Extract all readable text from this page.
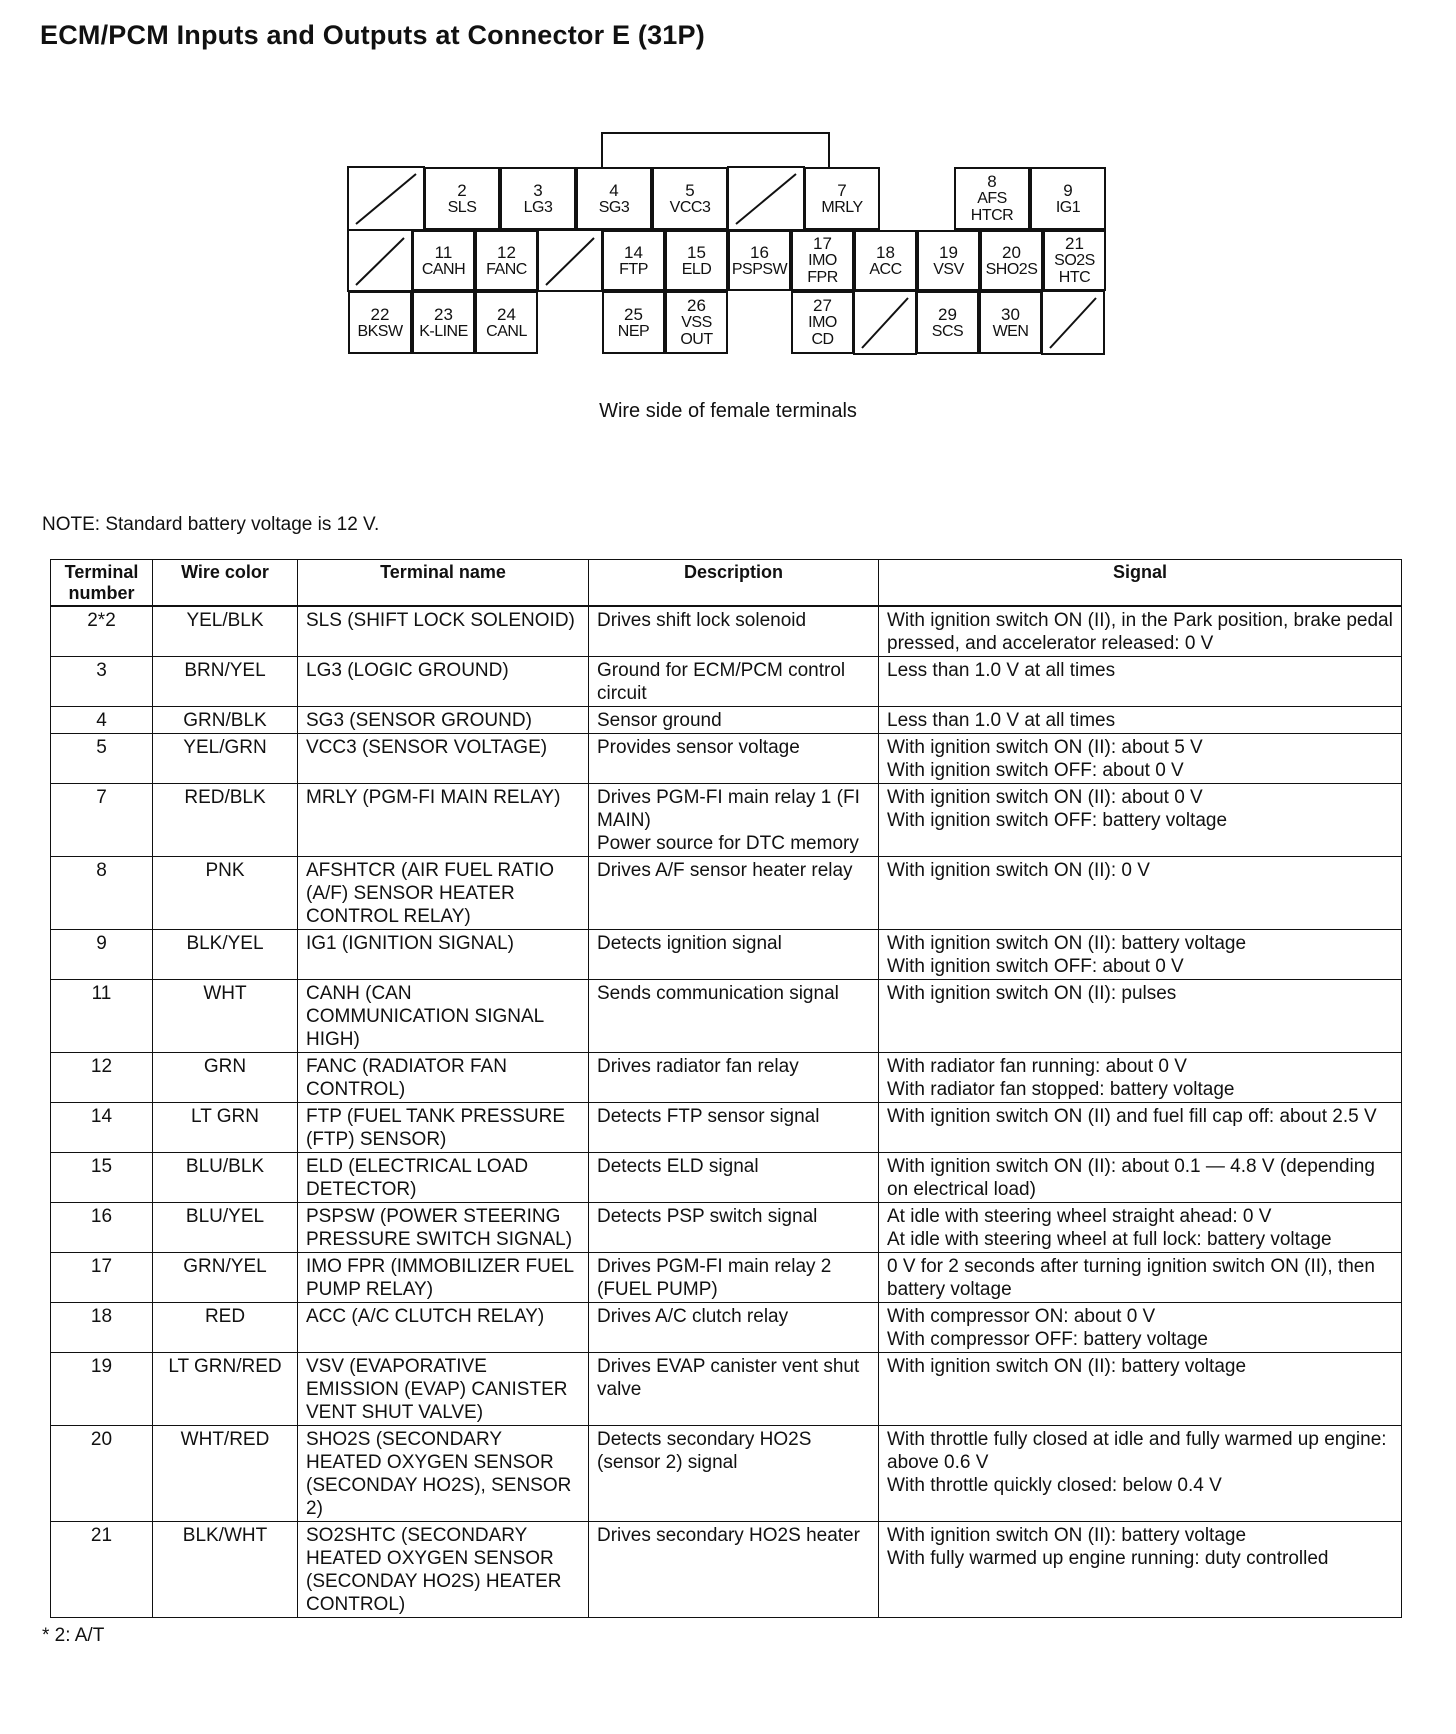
ECM/PCM Inputs and Outputs at Connector E (31P)
2
SLS
3
LG3
4
SG3
5
VCC3
7
MRLY
8
AFS
HTCR
9
IG1
11
CANH
12
FANC
14
FTP
15
ELD
16
PSPSW
17
IMO
FPR
18
ACC
19
VSV
20
SHO2S
21
SO2S
HTC
22
BKSW
23
K-LINE
24
CANL
25
NEP
26
VSS
OUT
27
IMO
CD
29
SCS
30
WEN
Wire side of female terminals
NOTE: Standard battery voltage is 12 V.
Terminal number	Wire color	Terminal name	Description	Signal
2*2	YEL/BLK	SLS (SHIFT LOCK SOLENOID)	Drives shift lock solenoid	With ignition switch ON (II), in the Park position, brake pedal pressed, and accelerator released: 0 V
3	BRN/YEL	LG3 (LOGIC GROUND)	Ground for ECM/PCM control circuit	Less than 1.0 V at all times
4	GRN/BLK	SG3 (SENSOR GROUND)	Sensor ground	Less than 1.0 V at all times
5	YEL/GRN	VCC3 (SENSOR VOLTAGE)	Provides sensor voltage	With ignition switch ON (II): about 5 V
With ignition switch OFF: about 0 V
7	RED/BLK	MRLY (PGM-FI MAIN RELAY)	Drives PGM-FI main relay 1 (FI MAIN)
Power source for DTC memory	With ignition switch ON (II): about 0 V
With ignition switch OFF: battery voltage
8	PNK	AFSHTCR (AIR FUEL RATIO (A/F) SENSOR HEATER CONTROL RELAY)	Drives A/F sensor heater relay	With ignition switch ON (II): 0 V
9	BLK/YEL	IG1 (IGNITION SIGNAL)	Detects ignition signal	With ignition switch ON (II): battery voltage
With ignition switch OFF: about 0 V
11	WHT	CANH (CAN COMMUNICATION SIGNAL HIGH)	Sends communication signal	With ignition switch ON (II): pulses
12	GRN	FANC (RADIATOR FAN CONTROL)	Drives radiator fan relay	With radiator fan running: about 0 V
With radiator fan stopped: battery voltage
14	LT GRN	FTP (FUEL TANK PRESSURE (FTP) SENSOR)	Detects FTP sensor signal	With ignition switch ON (II) and fuel fill cap off: about 2.5 V
15	BLU/BLK	ELD (ELECTRICAL LOAD DETECTOR)	Detects ELD signal	With ignition switch ON (II): about 0.1 — 4.8 V (depending on electrical load)
16	BLU/YEL	PSPSW (POWER STEERING PRESSURE SWITCH SIGNAL)	Detects PSP switch signal	At idle with steering wheel straight ahead: 0 V
At idle with steering wheel at full lock: battery voltage
17	GRN/YEL	IMO FPR (IMMOBILIZER FUEL PUMP RELAY)	Drives PGM-FI main relay 2 (FUEL PUMP)	0 V for 2 seconds after turning ignition switch ON (II), then battery voltage
18	RED	ACC (A/C CLUTCH RELAY)	Drives A/C clutch relay	With compressor ON: about 0 V
With compressor OFF: battery voltage
19	LT GRN/RED	VSV (EVAPORATIVE EMISSION (EVAP) CANISTER VENT SHUT VALVE)	Drives EVAP canister vent shut valve	With ignition switch ON (II): battery voltage
20	WHT/RED	SHO2S (SECONDARY HEATED OXYGEN SENSOR (SECONDAY HO2S), SENSOR 2)	Detects secondary HO2S (sensor 2) signal	With throttle fully closed at idle and fully warmed up engine: above 0.6 V
With throttle quickly closed: below 0.4 V
21	BLK/WHT	SO2SHTC (SECONDARY HEATED OXYGEN SENSOR (SECONDAY HO2S) HEATER CONTROL)	Drives secondary HO2S heater	With ignition switch ON (II): battery voltage
With fully warmed up engine running: duty controlled
* 2: A/T
